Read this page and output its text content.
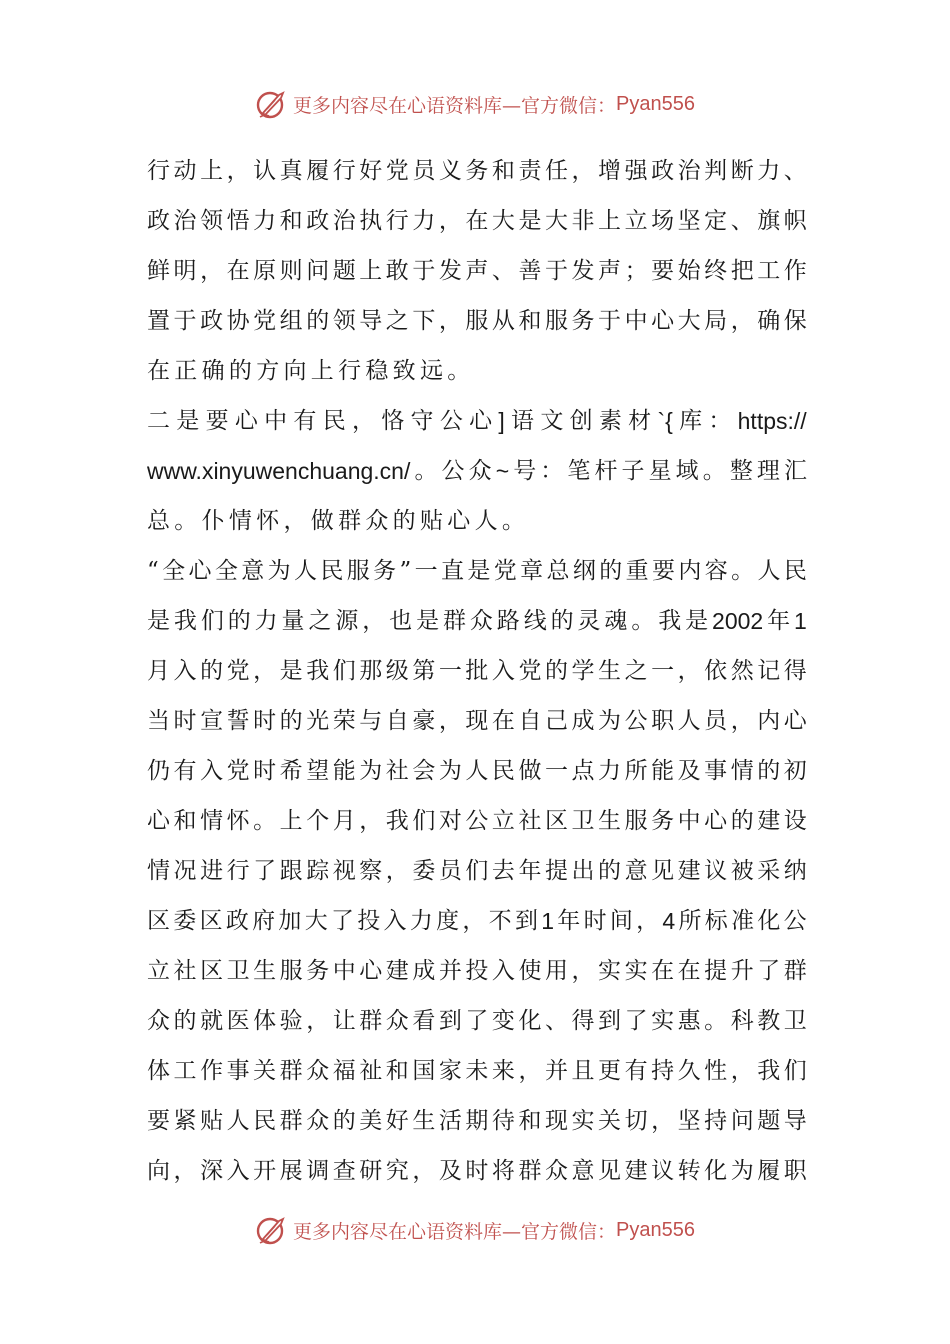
更多内容尽在心语资料库—官方微信： Pyan556
行 动 上 ， 认 真 履 行 好 党 员 义 务 和 责 任 ， 增 强 政 治 判 断 力 、
政 治 领 悟 力 和 政 治 执 行 力 ， 在 大 是 大 非 上 立 场 坚 定 、 旗 帜
鲜 明 ， 在 原 则 问 题 上 敢 于 发 声 、 善 于 发 声 ； 要 始 终 把 工 作
置 于 政 协 党 组 的 领 导 之 下 ， 服 从 和 服 务 于 中 心 大 局 ， 确 保
在 正 确 的 方 向 上 行 稳 致 远 。
二 是 要 心 中 有 民 ， 恪 守 公 心 ] 语 文 创 素 材 `{ 库 ： https://
www.xinyuwenchuang.cn/ 。 公 众 ~ 号 ： 笔 杆 子 星 域 。 整 理 汇
总 。 仆 情 怀 ， 做 群 众 的 贴 心 人 。
“ 全 心 全 意 为 人 民 服 务 ” 一 直 是 党 章 总 纲 的 重 要 内 容 。 人 民
是 我 们 的 力 量 之 源 ， 也 是 群 众 路 线 的 灵 魂 。 我 是 2002 年 1
月 入 的 党 ， 是 我 们 那 级 第 一 批 入 党 的 学 生 之 一 ， 依 然 记 得
当 时 宣 誓 时 的 光 荣 与 自 豪 ， 现 在 自 己 成 为 公 职 人 员 ， 内 心
仍 有 入 党 时 希 望 能 为 社 会 为 人 民 做 一 点 力 所 能 及 事 情 的 初
心 和 情 怀 。 上 个 月 ， 我 们 对 公 立 社 区 卫 生 服 务 中 心 的 建 设
情 况 进 行 了 跟 踪 视 察 ， 委 员 们 去 年 提 出 的 意 见 建 议 被 采 纳
区 委 区 政 府 加 大 了 投 入 力 度 ， 不 到 1 年 时 间 ， 4 所 标 准 化 公
立 社 区 卫 生 服 务 中 心 建 成 并 投 入 使 用 ， 实 实 在 在 提 升 了 群
众 的 就 医 体 验 ， 让 群 众 看 到 了 变 化 、 得 到 了 实 惠 。 科 教 卫
体 工 作 事 关 群 众 福 祉 和 国 家 未 来 ， 并 且 更 有 持 久 性 ， 我 们
要 紧 贴 人 民 群 众 的 美 好 生 活 期 待 和 现 实 关 切 ， 坚 持 问 题 导
向 ， 深 入 开 展 调 查 研 究 ， 及 时 将 群 众 意 见 建 议 转 化 为 履 职
更多内容尽在心语资料库—官方微信： Pyan556
